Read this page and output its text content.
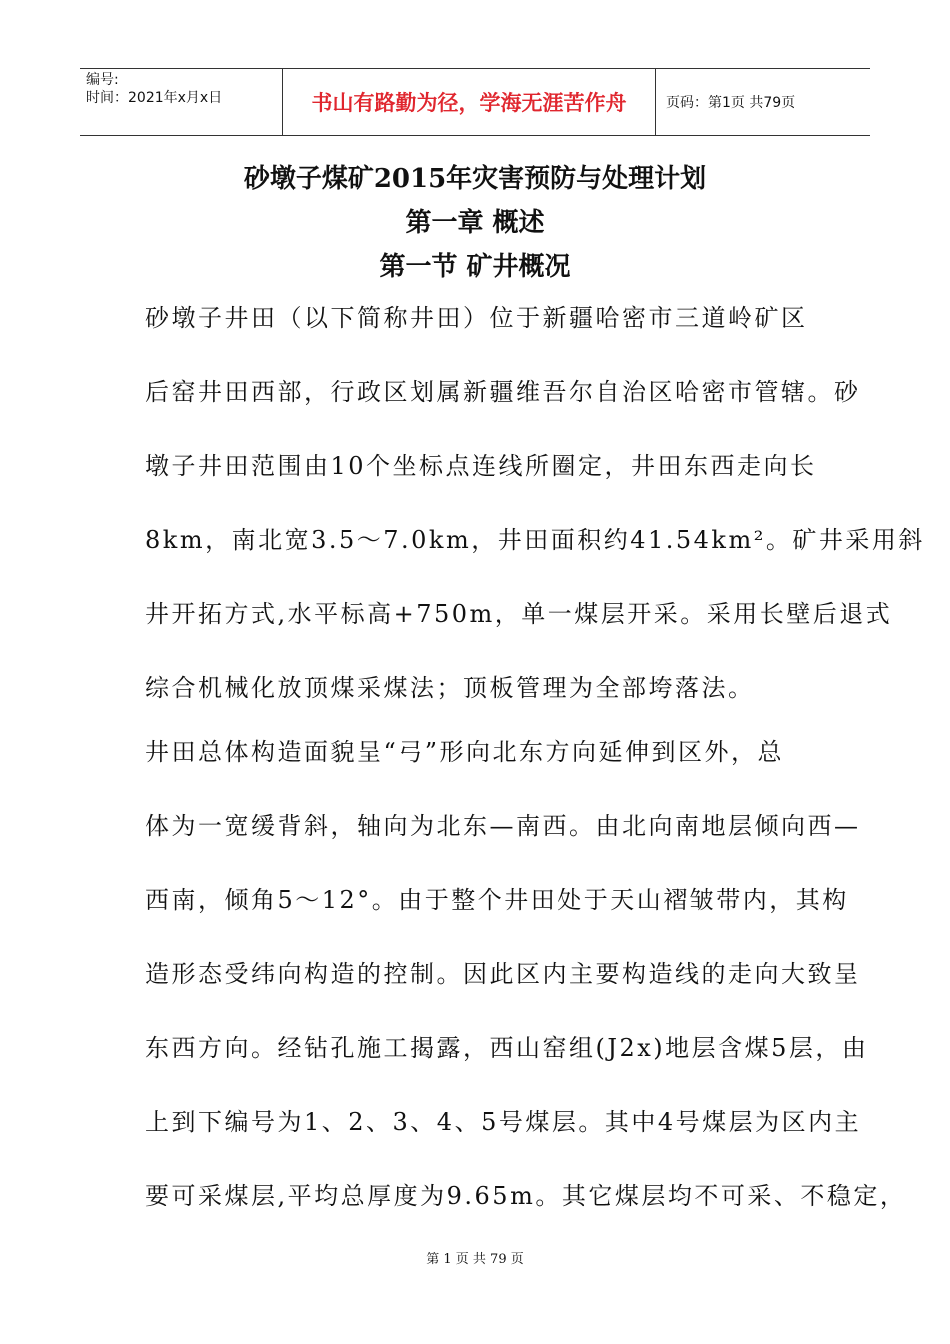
编号:
时间：2021年x月x日	书山有路勤为径，学海无涯苦作舟	页码：第1页 共79页
砂墩子煤矿2015年灾害预防与处理计划
第一章 概述
第一节 矿井概况
砂墩子井田（以下简称井田）位于新疆哈密市三道岭矿区
后窑井田西部，行政区划属新疆维吾尔自治区哈密市管辖。砂
墩子井田范围由10个坐标点连线所圈定，井田东西走向长
8km，南北宽3.5～7.0km，井田面积约41.54km²。矿井采用斜
井开拓方式,水平标高+750m，单一煤层开采。采用长壁后退式
综合机械化放顶煤采煤法；顶板管理为全部垮落法。
井田总体构造面貌呈“弓”形向北东方向延伸到区外，总
体为一宽缓背斜，轴向为北东—南西。由北向南地层倾向西—
西南，倾角5～12°。由于整个井田处于天山褶皱带内，其构
造形态受纬向构造的控制。因此区内主要构造线的走向大致呈
东西方向。经钻孔施工揭露，西山窑组(J2x)地层含煤5层，由
上到下编号为1、2、3、4、5号煤层。其中4号煤层为区内主
要可采煤层,平均总厚度为9.65m。其它煤层均不可采、不稳定，
第 1 页 共 79 页
